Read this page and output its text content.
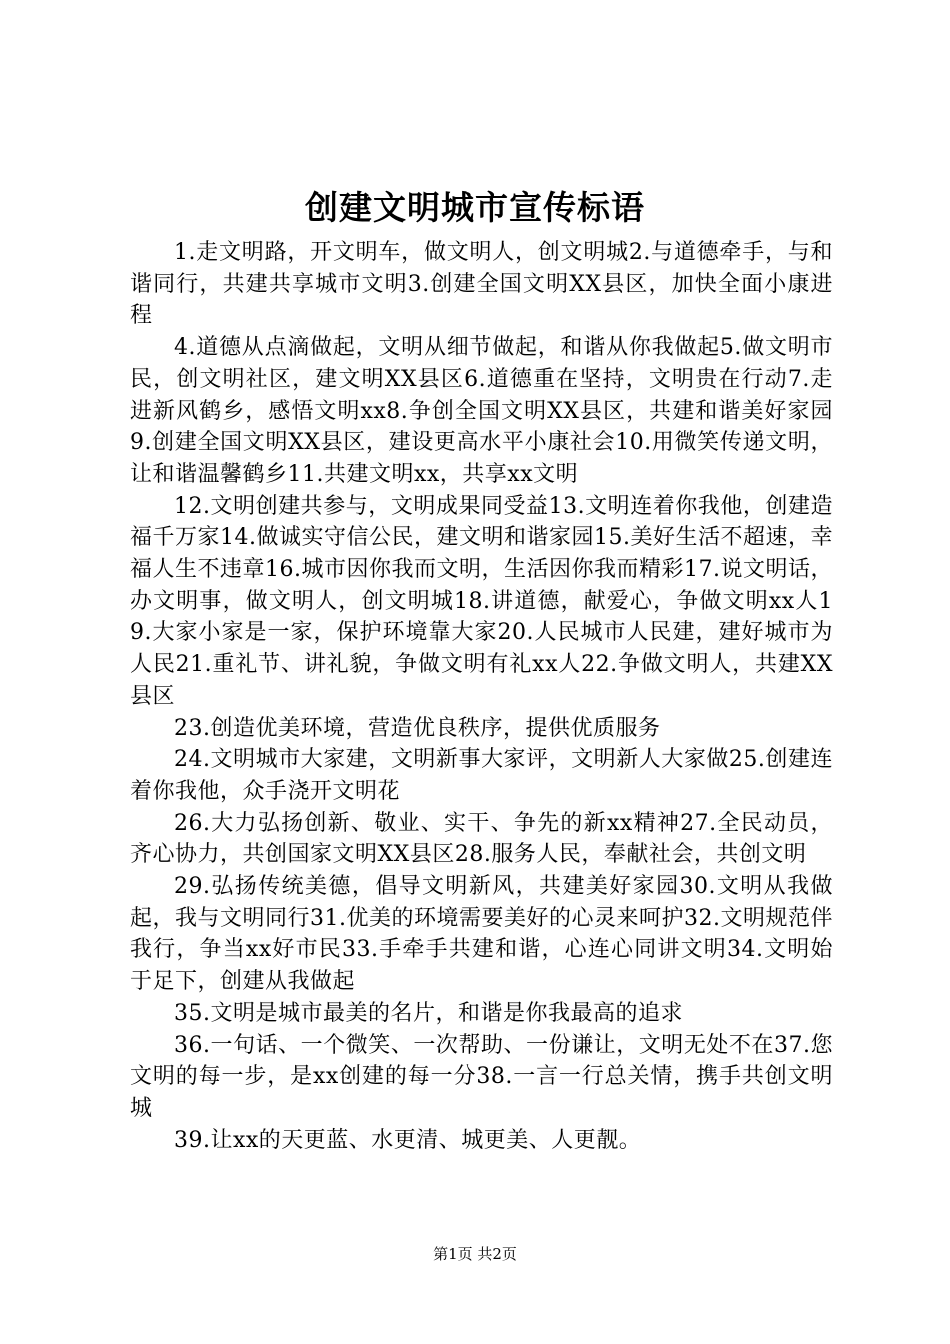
创建文明城市宣传标语

1.走文明路，开文明车，做文明人，创文明城2.与道德牵手，与和谐同行，共建共享城市文明3.创建全国文明XX县区，加快全面小康进程

4.道德从点滴做起，文明从细节做起，和谐从你我做起5.做文明市民，创文明社区，建文明XX县区6.道德重在坚持，文明贵在行动7.走进新风鹤乡，感悟文明xx8.争创全国文明XX县区，共建和谐美好家园9.创建全国文明XX县区，建设更高水平小康社会10.用微笑传递文明，让和谐温馨鹤乡11.共建文明xx，共享xx文明

12.文明创建共参与，文明成果同受益13.文明连着你我他，创建造福千万家14.做诚实守信公民，建文明和谐家园15.美好生活不超速，幸福人生不违章16.城市因你我而文明，生活因你我而精彩17.说文明话，办文明事，做文明人，创文明城18.讲道德，献爱心，争做文明xx人19.大家小家是一家，保护环境靠大家20.人民城市人民建，建好城市为人民21.重礼节、讲礼貌，争做文明有礼xx人22.争做文明人，共建XX县区

23.创造优美环境，营造优良秩序，提供优质服务

24.文明城市大家建，文明新事大家评，文明新人大家做25.创建连着你我他，众手浇开文明花

26.大力弘扬创新、敬业、实干、争先的新xx精神27.全民动员，齐心协力，共创国家文明XX县区28.服务人民，奉献社会，共创文明

29.弘扬传统美德，倡导文明新风，共建美好家园30.文明从我做起，我与文明同行31.优美的环境需要美好的心灵来呵护32.文明规范伴我行，争当xx好市民33.手牵手共建和谐，心连心同讲文明34.文明始于足下，创建从我做起

35.文明是城市最美的名片，和谐是你我最高的追求

36.一句话、一个微笑、一次帮助、一份谦让，文明无处不在37.您文明的每一步，是xx创建的每一分38.一言一行总关情，携手共创文明城

39.让xx的天更蓝、水更清、城更美、人更靓。

第1页 共2页
